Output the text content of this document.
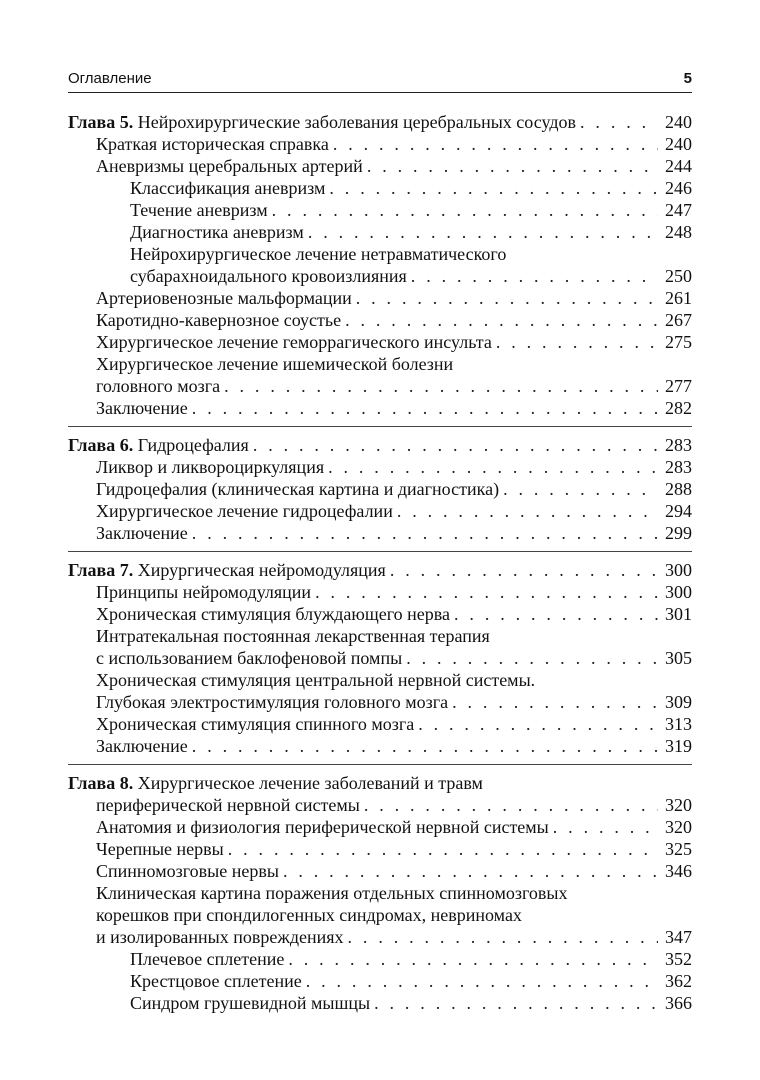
Оглавление	5
Глава 5. Нейрохирургические заболевания церебральных сосудов . . .	240
Краткая историческая справка . . .	240
Аневризмы церебральных артерий . . .	244
Классификация аневризм . . .	246
Течение аневризм . . .	247
Диагностика аневризм . . .	248
Нейрохирургическое лечение нетравматического
субарахноидального кровоизлияния . . .	250
Артериовенозные мальформации . . .	261
Каротидно-кавернозное соустье . . .	267
Хирургическое лечение геморрагического инсульта . . .	275
Хирургическое лечение ишемической болезни
головного мозга . . .	277
Заключение . . .	282
Глава 6. Гидроцефалия . . .	283
Ликвор и ликвороциркуляция . . .	283
Гидроцефалия (клиническая картина и диагностика) . . .	288
Хирургическое лечение гидроцефалии . . .	294
Заключение . . .	299
Глава 7. Хирургическая нейромодуляция . . .	300
Принципы нейромодуляции . . .	300
Хроническая стимуляция блуждающего нерва . . .	301
Интратекальная постоянная лекарственная терапия
с использованием баклофеновой помпы . . .	305
Хроническая стимуляция центральной нервной системы.
Глубокая электростимуляция головного мозга . . .	309
Хроническая стимуляция спинного мозга . . .	313
Заключение . . .	319
Глава 8. Хирургическое лечение заболеваний и травм
периферической нервной системы . . .	320
Анатомия и физиология периферической нервной системы . . .	320
Черепные нервы . . .	325
Спинномозговые нервы . . .	346
Клиническая картина поражения отдельных спинномозговых
корешков при спондилогенных синдромах, невриномах
и изолированных повреждениях . . .	347
Плечевое сплетение . . .	352
Крестцовое сплетение . . .	362
Синдром грушевидной мышцы . . .	366
